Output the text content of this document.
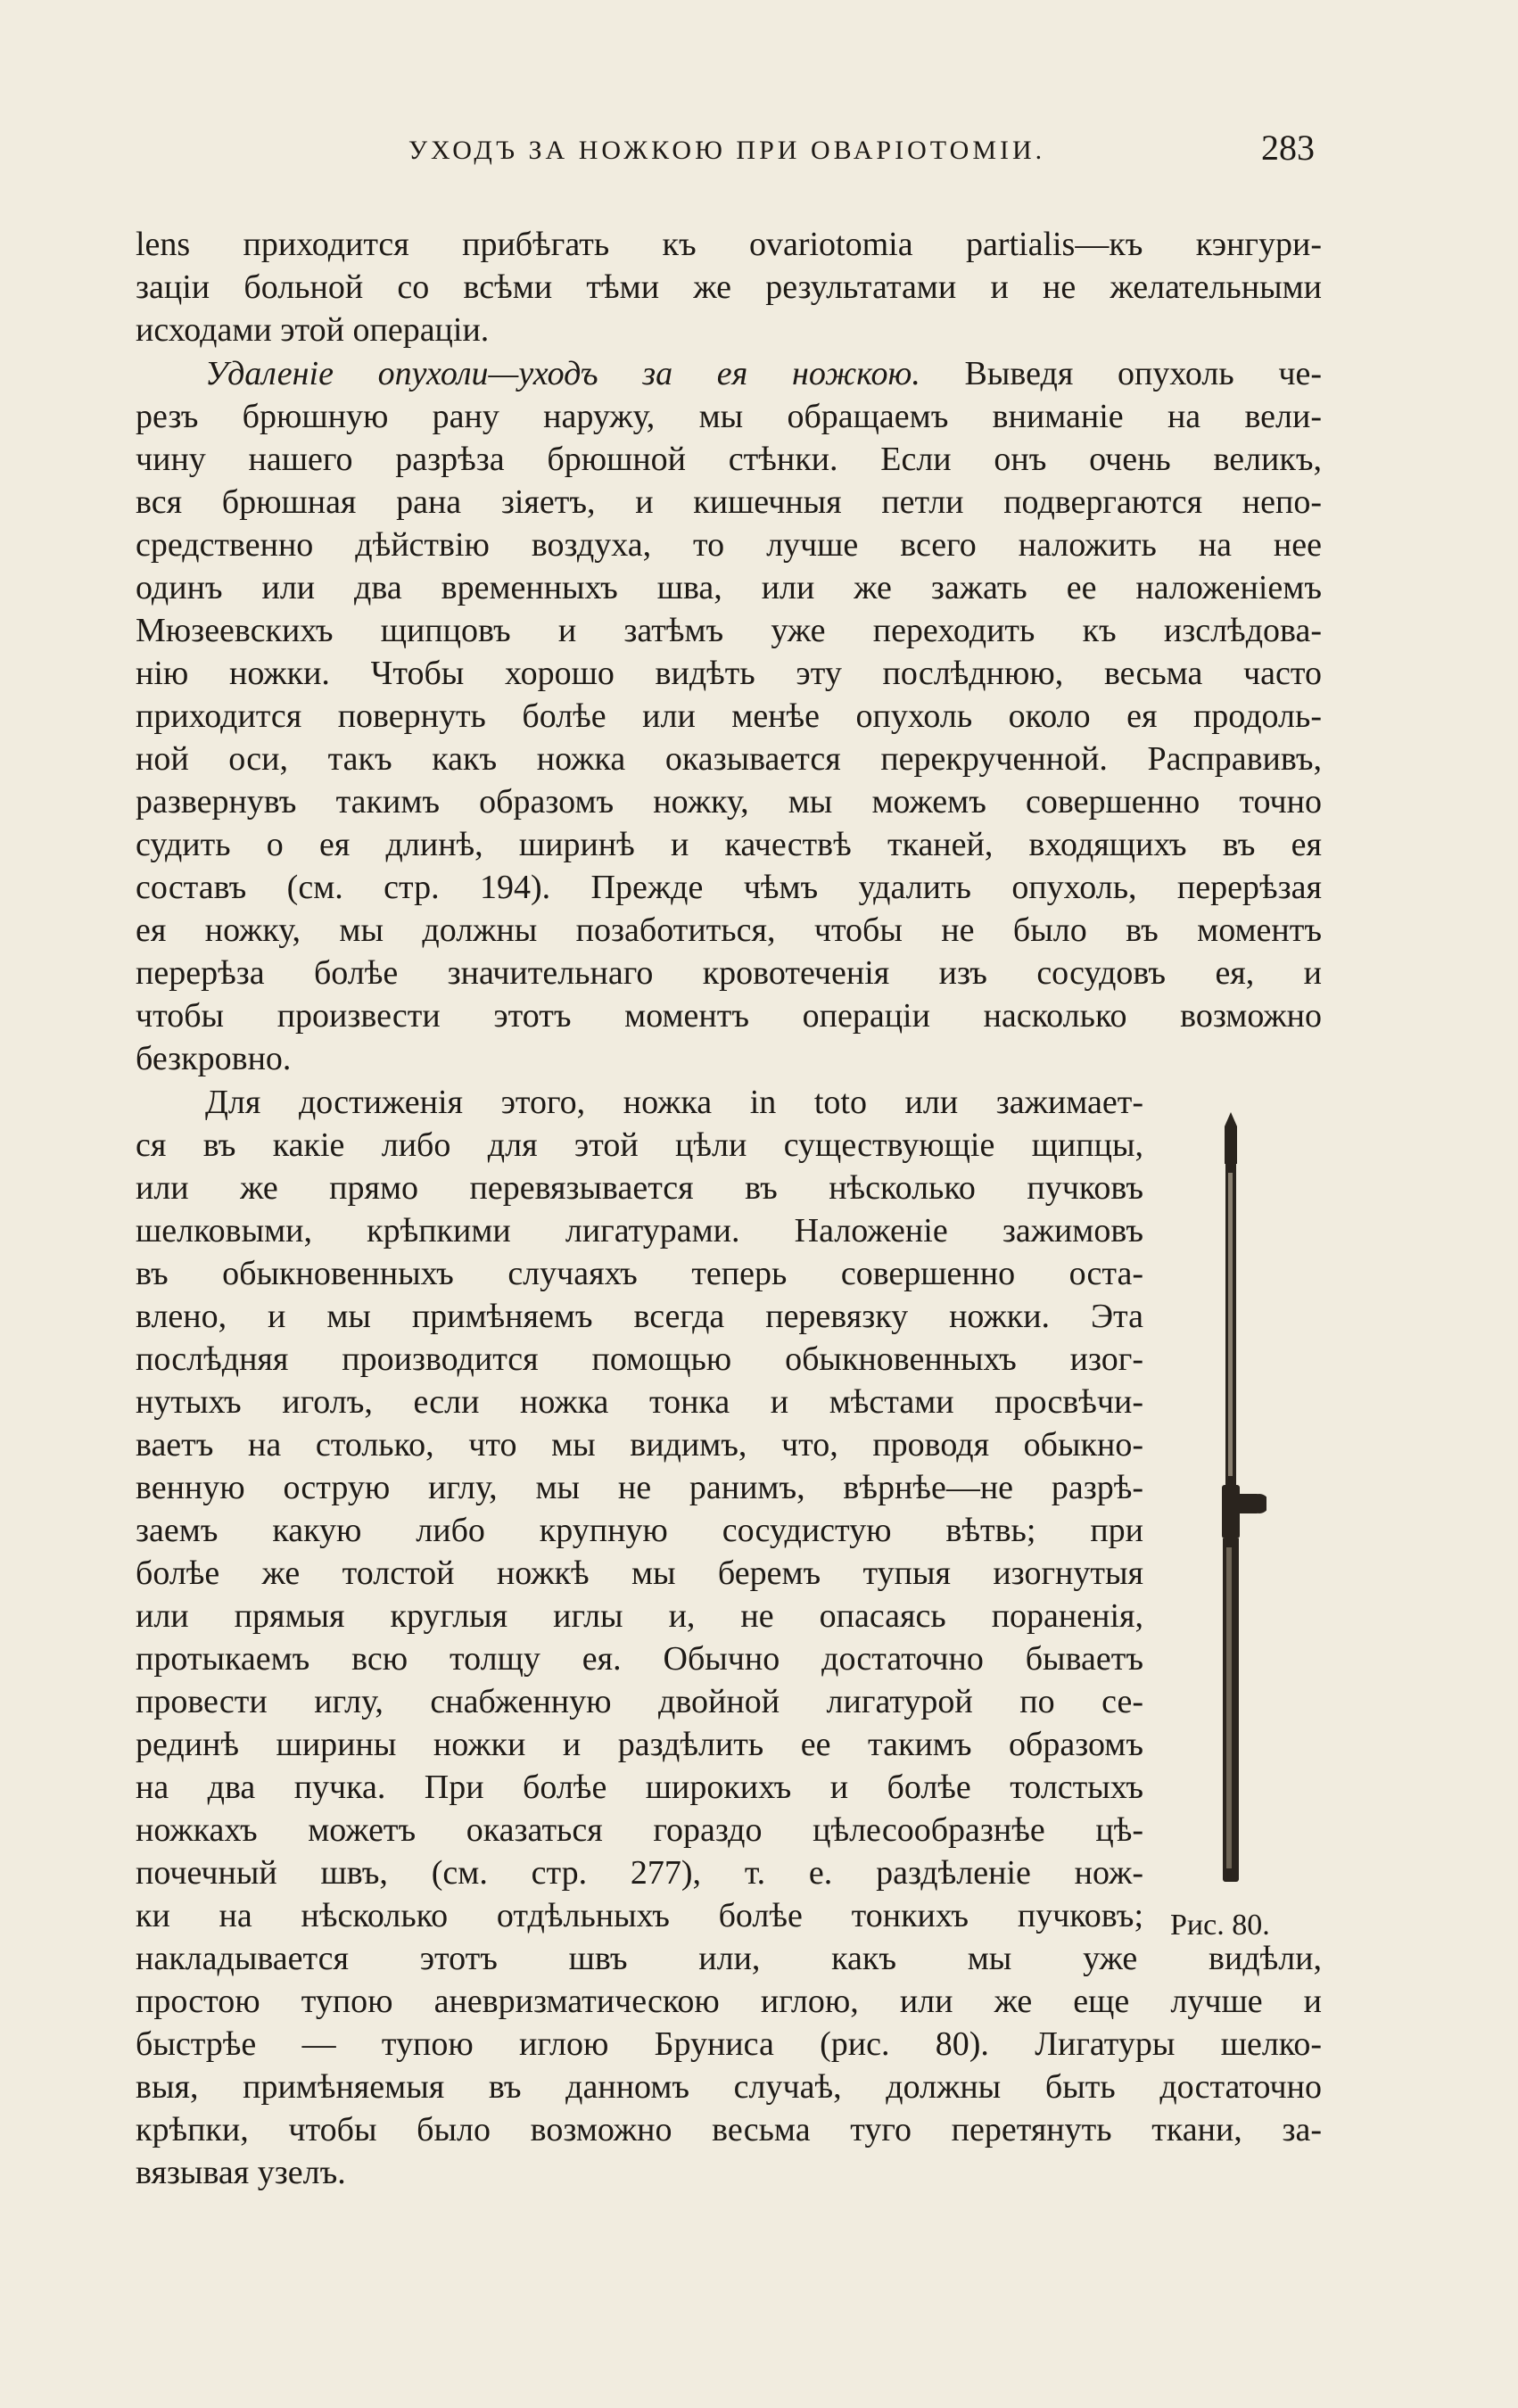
УХОДЪ ЗА НОЖКОЮ ПРИ ОВАРІОТОМІИ.	283
lens приходится прибѣгать къ ovariotomia partialis—къ кэнгури-
заціи больной со всѣми тѣми же результатами и не желательными
исходами этой операціи.
резъ брюшную рану наружу, мы обращаемъ вниманіе на вели-
чину нашего разрѣза брюшной стѣнки. Если онъ очень великъ,
вся брюшная рана зіяетъ, и кишечныя петли подвергаются непо-
средственно дѣйствію воздуха, то лучше всего наложить на нее
одинъ или два временныхъ шва, или же зажать ее наложеніемъ
Мюзеевскихъ щипцовъ и затѣмъ уже переходить къ изслѣдова-
нію ножки. Чтобы хорошо видѣть эту послѣднюю, весьма часто
приходится повернуть болѣе или менѣе опухоль около ея продоль-
ной оси, такъ какъ ножка оказывается перекрученной. Расправивъ,
развернувъ такимъ образомъ ножку, мы можемъ совершенно точно
судить о ея длинѣ, ширинѣ и качествѣ тканей, входящихъ въ ея
составъ (см. стр. 194). Прежде чѣмъ удалить опухоль, перерѣзая
ея ножку, мы должны позаботиться, чтобы не было въ моментъ
перерѣза болѣе значительнаго кровотеченія изъ сосудовъ ея, и
чтобы произвести этотъ моментъ операціи насколько возможно
безкровно.
Для достиженія этого, ножка in toto или зажимает-
ся въ какіе либо для этой цѣли существующіе щипцы,
или же прямо перевязывается въ нѣсколько пучковъ
шелковыми, крѣпкими лигатурами. Наложеніе зажимовъ
въ обыкновенныхъ случаяхъ теперь совершенно оста-
влено, и мы примѣняемъ всегда перевязку ножки. Эта
послѣдняя производится помощью обыкновенныхъ изог-
нутыхъ иголъ, если ножка тонка и мѣстами просвѣчи-
ваетъ на столько, что мы видимъ, что, проводя обыкно-
венную острую иглу, мы не ранимъ, вѣрнѣе—не разрѣ-
заемъ какую либо крупную сосудистую вѣтвь; при
болѣе же толстой ножкѣ мы беремъ тупыя изогнутыя
или прямыя круглыя иглы и, не опасаясь пораненія,
протыкаемъ всю толщу ея. Обычно достаточно бываетъ
провести иглу, снабженную двойной лигатурой по се-
рединѣ ширины ножки и раздѣлить ее такимъ образомъ
на два пучка. При болѣе широкихъ и болѣе толстыхъ
ножкахъ можетъ оказаться гораздо цѣлесообразнѣе цѣ-
почечный швъ, (см. стр. 277), т. е. раздѣленіе нож-
ки на нѣсколько отдѣльныхъ болѣе тонкихъ пучковъ;
накладывается этотъ швъ или, какъ мы уже видѣли,
простою тупою аневризматическою иглою, или же еще лучше и
быстрѣе — тупою иглою Бруниса (рис. 80). Лигатуры шелко-
выя, примѣняемыя въ данномъ случаѣ, должны быть достаточно
крѣпки, чтобы было возможно весьма туго перетянуть ткани, за-
вязывая узелъ.
Удаленіе опухоли—уходъ за ея ножкою. Выведя опухоль че-
Рис. 80.
